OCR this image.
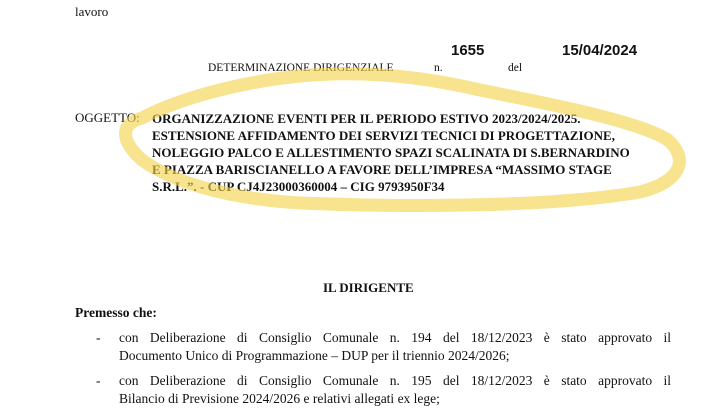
lavoro
1655	15/04/2024
DETERMINAZIONE DIRIGENZIALE	n.	del
OGGETTO: ORGANIZZAZIONE EVENTI PER IL PERIODO ESTIVO 2023/2024/2025.
ESTENSIONE AFFIDAMENTO DEI SERVIZI TECNICI DI PROGETTAZIONE,
NOLEGGIO PALCO E ALLESTIMENTO SPAZI SCALINATA DI S.BERNARDINO
E PIAZZA BARISCIANELLO A FAVORE DELL’IMPRESA “MASSIMO STAGE
S.R.L.”. - CUP CJ4J23000360004 – CIG 9793950F34
IL DIRIGENTE
Premesso che:
- con Deliberazione di Consiglio Comunale n. 194 del 18/12/2023 è stato approvato il
Documento Unico di Programmazione – DUP per il triennio 2024/2026;
- con Deliberazione di Consiglio Comunale n. 195 del 18/12/2023 è stato approvato il
Bilancio di Previsione 2024/2026 e relativi allegati ex lege;
